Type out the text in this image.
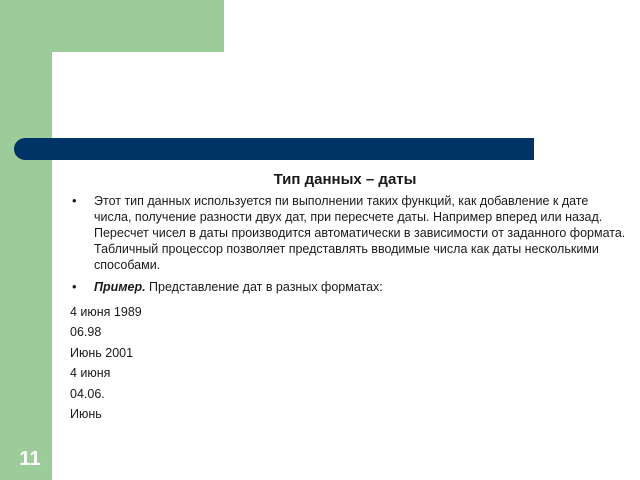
Тип данных – даты
• Этот тип данных используется пи выполнении таких функций, как добавление к дате числа, получение разности двух дат, при пересчете даты. Например вперед или назад. Пересчет чисел в даты производится автоматически в зависимости от заданного формата. Табличный процессор позволяет представлять вводимые числа как даты несколькими способами.
• Пример. Представление дат в разных форматах:
4 июня 1989
06.98
Июнь 2001
4 июня
04.06.
Июнь
11
